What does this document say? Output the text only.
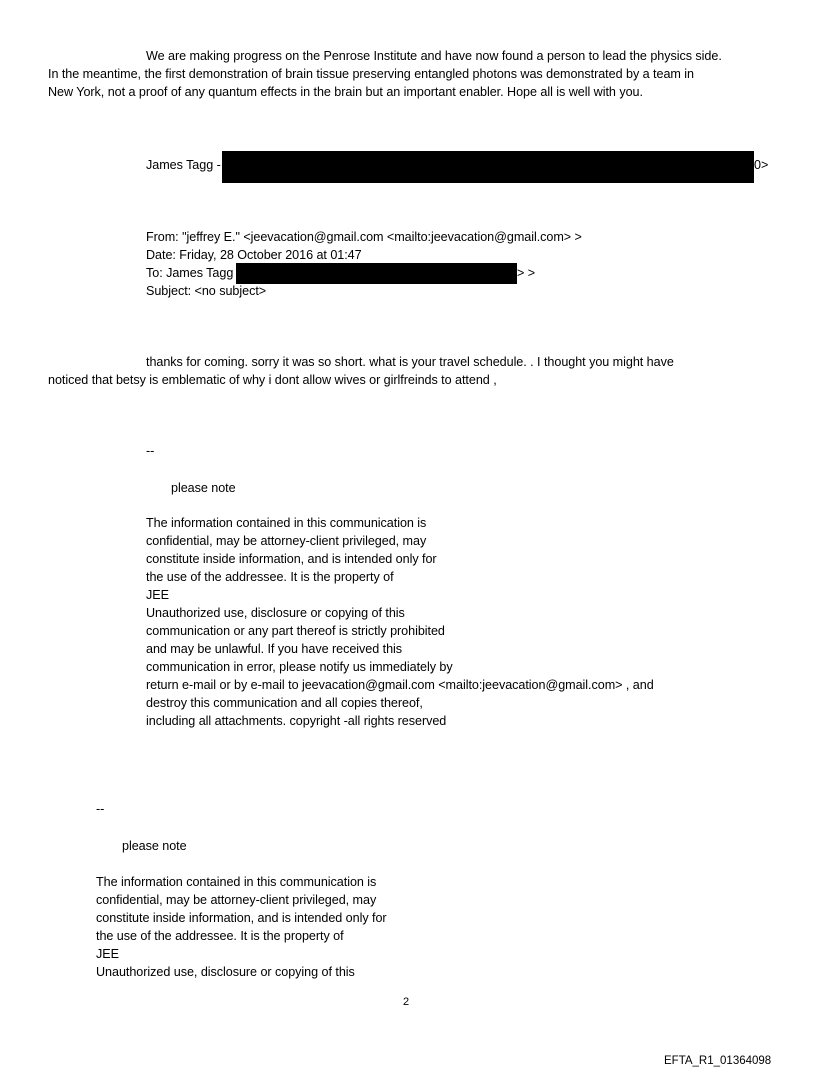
We are making progress on the Penrose Institute and have now found a person to lead the physics side.
In the meantime, the first demonstration of brain tissue preserving entangled photons was demonstrated by a team in
New York, not a proof of any quantum effects in the brain but an important enabler. Hope all is well with you.
James Tagg -	0>
From: "jeffrey E." <jeevacation@gmail.com <mailto:jeevacation@gmail.com> >
Date: Friday, 28 October 2016 at 01:47
To: James Tagg	> >
Subject: <no subject>
thanks for coming. sorry it was so short. what is your travel schedule. . I thought you might have
noticed that betsy is emblematic of why i dont allow wives or girlfreinds to attend ,
--
please note
The information contained in this communication is
confidential, may be attorney-client privileged, may
constitute inside information, and is intended only for
the use of the addressee. It is the property of
JEE
Unauthorized use, disclosure or copying of this
communication or any part thereof is strictly prohibited
and may be unlawful. If you have received this
communication in error, please notify us immediately by
return e-mail or by e-mail to jeevacation@gmail.com <mailto:jeevacation@gmail.com> , and
destroy this communication and all copies thereof,
including all attachments. copyright -all rights reserved
--
please note
The information contained in this communication is
confidential, may be attorney-client privileged, may
constitute inside information, and is intended only for
the use of the addressee. It is the property of
JEE
Unauthorized use, disclosure or copying of this
2
EFTA_R1_01364098
